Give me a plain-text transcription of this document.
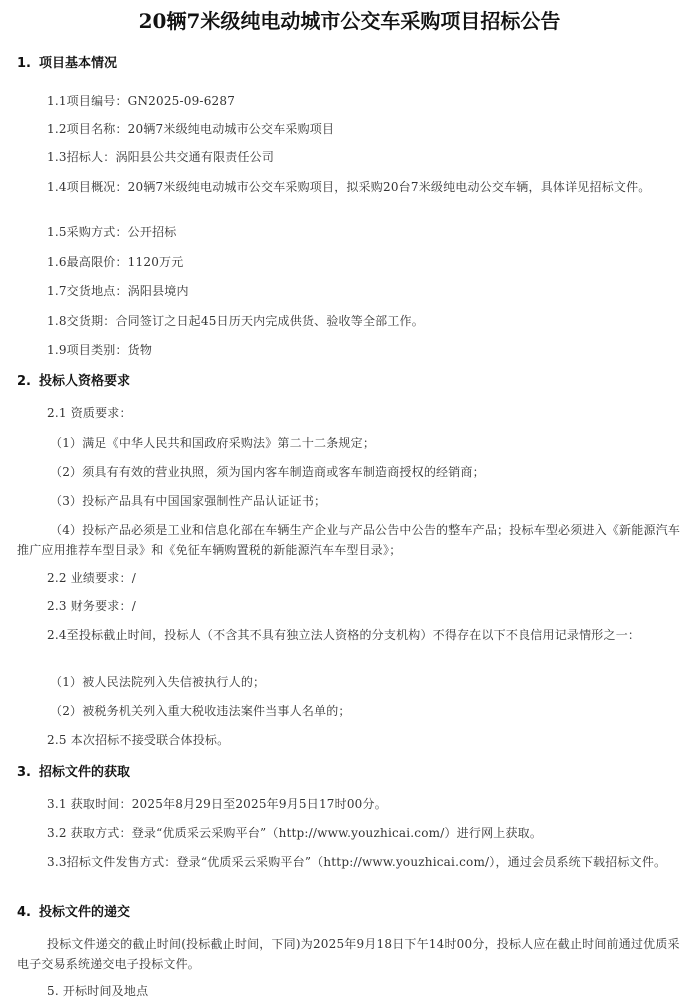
20辆7米级纯电动城市公交车采购项目招标公告
1. 项目基本情况

1.1项目编号：GN2025-09-6287

1.2项目名称：20辆7米级纯电动城市公交车采购项目

1.3招标人：涡阳县公共交通有限责任公司

1.4项目概况：20辆7米级纯电动城市公交车采购项目，拟采购20台7米级纯电动公交车辆，具体详见招标文件。

1.5采购方式：公开招标

1.6最高限价：1120万元

1.7交货地点：涡阳县境内

1.8交货期：合同签订之日起45日历天内完成供货、验收等全部工作。

1.9项目类别：货物

2. 投标人资格要求

2.1 资质要求：

（1）满足《中华人民共和国政府采购法》第二十二条规定；

（2）须具有有效的营业执照，须为国内客车制造商或客车制造商授权的经销商；

（3）投标产品具有中国国家强制性产品认证证书；

（4）投标产品必须是工业和信息化部在车辆生产企业与产品公告中公告的整车产品；投标车型必须进入《新能源汽车推广应用推荐车型目录》和《免征车辆购置税的新能源汽车车型目录》；

2.2 业绩要求：/

2.3 财务要求：/

2.4至投标截止时间，投标人（不含其不具有独立法人资格的分支机构）不得存在以下不良信用记录情形之一：

（1）被人民法院列入失信被执行人的；

（2）被税务机关列入重大税收违法案件当事人名单的；

2.5 本次招标不接受联合体投标。

3. 招标文件的获取

3.1 获取时间：2025年8月29日至2025年9月5日17时00分。

3.2 获取方式：登录“优质采云采购平台”（http://www.youzhicai.com/）进行网上获取。

3.3招标文件发售方式：登录“优质采云采购平台”（http://www.youzhicai.com/），通过会员系统下载招标文件。

4. 投标文件的递交

投标文件递交的截止时间(投标截止时间，下同)为2025年9月18日下午14时00分，投标人应在截止时间前通过优质采电子交易系统递交电子投标文件。

5. 开标时间及地点
